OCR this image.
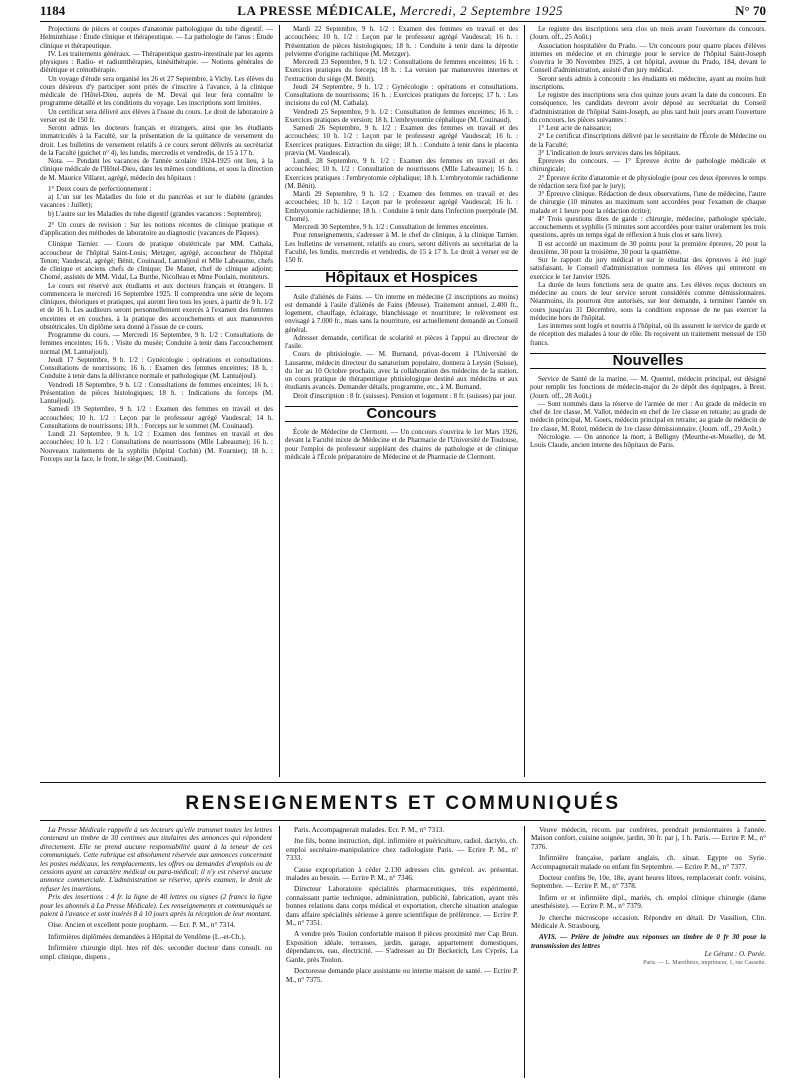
1184	LA PRESSE MÉDICALE, Mercredi, 2 Septembre 1925	N° 70

Projections de pièces et coupes d'anatomie pathologique du tube digestif. — Helminthiase : Étude clinique et thérapeutique. — La pathologie de l'anus : Étude clinique et thérapeutique.

IV. Les traitements généraux. — Thérapeutique gastro-intestinale par les agents physiques : Radio- et radiumthérapies, kinésithérapie. — Notions générales de diététique et crénothérapie.

Un voyage d'étude sera organisé les 26 et 27 Septembre, à Vichy. Les élèves du cours désireux d'y participer sont priés de s'inscrire à l'avance, à la clinique médicale de l'Hôtel-Dieu, auprès de M. Deval qui leur fera connaître le programme détaillé et les conditions du voyage. Les inscriptions sont limitées.

Un certificat sera délivré aux élèves à l'issue du cours. Le droit de laboratoire à verser est de 150 fr.

Seront admis les docteurs français et étrangers, ainsi que les étudiants immatriculés à la Faculté, sur la présentation de la quittance de versement du droit. Les bulletins de versement relatifs à ce cours seront délivrés au secrétariat de la Faculté (guichet n° 4), les lundis, mercredis et vendredis, de 15 à 17 h.

Nota. — Pendant les vacances de l'année scolaire 1924-1925 ont lieu, à la clinique médicale de l'Hôtel-Dieu, dans les mêmes conditions, et sous la direction de M. Maurice Villaret, agrégé, médecin des hôpitaux :

1° Deux cours de perfectionnement :

a) L'un sur les Maladies du foie et du pancréas et sur le diabète (grandes vacances : Juillet);

b) L'autre sur les Maladies du tube digestif (grandes vacances : Septembre);

2° Un cours de revision : Sur les notions récentes de clinique pratique et d'application des méthodes de laboratoire au diagnostic (vacances de Pâques).

Clinique Tarnier. — Cours de pratique obstétricale par MM. Cathala, accoucheur de l'hôpital Saint-Louis; Metzger, agrégé, accoucheur de l'hôpital Tenon; Vaudescal, agrégé; Bénit, Couinaud, Lantuéjoul et Mlle Labeaume, chefs de clinique et anciens chefs de clinique; De Manet, chef de clinique adjoint; Chomé, assistés de MM. Vidal, La Burthe, Nicolleau et Mme Poulain, moniteurs.

Le cours est réservé aux étudiants et aux docteurs français et étrangers. Il commencera le mercredi 16 Septembre 1925. Il comprendra une série de leçons cliniques, théoriques et pratiques, qui auront lieu tous les jours, à partir de 9 h. 1/2 et de 16 h. Les auditeurs seront personnellement exercés à l'examen des femmes enceintes et en couches, à la pratique des accouchements et aux manœuvres obstétricales. Un diplôme sera donné à l'issue de ce cours.

Programme du cours. — Mercredi 16 Septembre, 9 h. 1/2 : Consultations de femmes enceintes; 16 h. : Visite du musée; Conduite à tenir dans l'accouchement normal (M. Lantuéjoul).

Jeudi 17 Septembre, 9 h. 1/2 : Gynécologie : opérations et consultations. Consultations de nourrissons; 16 h. : Examen des femmes enceintes; 18 h. : Conduite à tenir dans la délivrance normale et pathologique (M. Lantuéjoul).

Vendredi 18 Septembre, 9 h. 1/2 : Consultations de femmes enceintes; 16 h. : Présentation de pièces histologiques; 18 h. : Indications du forceps (M. Lantuéjoul).

Samedi 19 Septembre, 9 h. 1/2 : Examen des femmes en travail et des accouchées; 10 h. 1/2 : Leçon par le professeur agrégé Vaudescal; 14 h. Consultations de nourrissons; 18 h. : Forceps sur le sommet (M. Couinaud).

Lundi 21 Septembre, 9 h. 1/2 : Examen des femmes en travail et des accouchées; 10 h. 1/2 : Consultations de nourrissons (Mlle Labeaume); 16 h. : Nouveaux traitements de la syphilis (hôpital Cochin) (M. Fournier); 18 h. : Forceps sur la face, le front, le siège (M. Couinaud).

Mardi 22 Septembre, 9 h. 1/2 : Examen des femmes en travail et des accouchées; 10 h. 1/2 : Leçon par le professeur agrégé Vaudescal; 16 h. : Présentation de pièces histologiques; 18 h. : Conduite à tenir dans la déprotie pelvienne d'origine rachitique (M. Metzger).

Mercredi 23 Septembre, 9 h. 1/2 : Consultations de femmes enceintes; 16 h. : Exercices pratiques du forceps; 18 h. : La version par manœuvres internes et l'extraction du siège (M. Bénit).

Jeudi 24 Septembre, 9 h. 1/2 : Gynécologie : opérations et consultations. Consultations de nourrissons; 16 h. : Exercices pratiques du forceps; 17 h. : Les incisions du col (M. Cathala).

Vendredi 25 Septembre, 9 h. 1/2 : Consultation de femmes enceintes; 16 h. : Exercices pratiques de version; 18 h. L'embryotomie céphalique (M. Couinaud).

Samedi 26 Septembre, 9 h. 1/2 : Examen des femmes en travail et des accouchées; 10 h. 1/2 : Leçon par le professeur agrégé Vaudescal; 16 h. : Exercices pratiques. Extraction du siège; 18 h. : Conduite à tenir dans le placenta prævia (M. Vaudescal).

Lundi, 28 Septembre, 9 h. 1/2 : Examen des femmes en travail et des accouchées; 10 h. 1/2 : Consultation de nourrissons (Mlle Labeaume); 16 h. : Exercices pratiques : l'embryotomie céphalique; 18 h. L'embryotomie rachidienne (M. Bénit).

Mardi 29 Septembre, 9 h. 1/2 : Examen des femmes en travail et des accouchées; 10 h. 1/2 : Leçon par le professeur agrégé Vaudescal; 16 h. : Embryotomie rachidienne; 18 h. : Conduite à tenir dans l'infection puerpérale (M. Chomé).

Mercredi 30 Septembre, 9 h. 1/2 : Consultation de femmes enceintes.

Pour renseignements, s'adresser à M. le chef de clinique, à la clinique Tarnier. Les bulletins de versement, relatifs au cours, seront délivrés au secrétariat de la Faculté, les lundis, mercredis et vendredis, de 15 à 17 h. Le droit à verser est de 150 fr.

Hôpitaux et Hospices

Asile d'aliénés de Fains. — Un interne en médecine (2 inscriptions au moins) est demandé à l'asile d'aliénés de Fains (Meuse). Traitement annuel, 2.400 fr., logement, chauffage, éclairage, blanchissage et nourriture; le relèvement est envisagé à 7.000 fr., mais sans la nourriture, est actuellement demandé au Conseil général.

Adresser demande, certificat de scolarité et pièces à l'appui au directeur de l'asile.

Cours de phtisiologie. — M. Burnand, privat-docent à l'Université de Lausanne, médecin directeur du sanatorium populaire, donnera à Leysin (Suisse), du 1er au 10 Octobre prochain, avec la collaboration des médecins de la station, un cours pratique de thérapeutique phtisiologique destiné aux médecins et aux étudiants avancés. Demander détails, programme, etc., à M. Burnand.

Droit d'inscription : 8 fr. (suisses). Pension et logement : 8 fr. (suisses) par jour.

Concours

École de Médecine de Clermont. — Un concours s'ouvrira le 1er Mars 1926, devant la Faculté mixte de Médecine et de Pharmacie de l'Université de Toulouse, pour l'emploi de professeur suppléant des chaires de pathologie et de clinique médicale à l'École préparatoire de Médecine et de Pharmacie de Clermont.

Le registre des inscriptions sera clos un mois avant l'ouverture du concours. (Journ. off., 25 Août.)

Association hospitalière du Prado. — Un concours pour quatre places d'élèves internes en médecine et en chirurgie pour le service de l'hôpital Saint-Joseph s'ouvrira le 30 Novembre 1925, à cet hôpital, avenue du Prado, 184, devant le Conseil d'administration, assisté d'un jury médical.

Seront seuls admis à concourir : les étudiants en médecine, ayant au moins huit inscriptions.

Le registre des inscriptions sera clos quinze jours avant la date du concours. En conséquence, les candidats devront avoir déposé au secrétariat du Conseil d'administration de l'hôpital Saint-Joseph, au plus tard huit jours avant l'ouverture du concours, les pièces suivantes :

1° Leur acte de naissance;

2° Le certificat d'inscriptions délivré par le secrétaire de l'École de Médecine ou de la Faculté;

3° L'indication de leurs services dans les hôpitaux.

Épreuves du concours. — 1° Épreuve écrite de pathologie médicale et chirurgicale;

2° Épreuve écrite d'anatomie et de physiologie (pour ces deux épreuves le temps de rédaction sera fixé par le jury);

3° Épreuve clinique. Rédaction de deux observations, l'une de médecine, l'autre de chirurgie (10 minutes au maximum sont accordées pour l'examen de chaque malade et 1 heure pour la rédaction écrite);

4° Trois questions dites de garde : chirurgie, médecine, pathologie spéciale, accouchements et syphilis (5 minutes sont accordées pour traiter oralement les trois questions, après un temps égal de réflexion à huis clos et sans livre).

Il est accordé un maximum de 30 points pour la première épreuve, 20 pour la deuxième, 30 pour la troisième, 30 pour la quatrième.

Sur le rapport du jury médical et sur le résultat des épreuves à été jugé satisfaisant, le Conseil d'administration nommera les élèves qui entreront en exercice le 1er Janvier 1926.

La durée de leurs fonctions sera de quatre ans. Les élèves reçus docteurs en médecine au cours de leur service seront considérés comme démissionnaires. Néanmoins, ils pourront être autorisés, sur leur demande, à terminer l'année en cours jusqu'au 31 Décembre, sous la condition expresse de ne pas exercer la médecine hors de l'hôpital.

Les internes sont logés et nourris à l'hôpital, où ils assurent le service de garde et de réception des malades à tour de rôle. Ils reçoivent un traitement mensuel de 150 francs.

Nouvelles

Service de Santé de la marine. — M. Quentel, médecin principal, est désigné pour remplir les fonctions de médecin-major du 2e dépôt des équipages, à Brest. (Journ. off., 28 Août.)

— Sont nommés dans la réserve de l'armée de mer : Au grade de médecin en chef de 1re classe, M. Vallot, médecin en chef de 1re classe en retraite; au grade de médecin principal, M. Goers, médecin principal en retraite; au grade de médecin de 1re classe, M. Rotel, médecin de 1re classe démissionnaire. (Journ. off., 29 Août.)

Nécrologie. — On annonce la mort, à Belligny (Meurthe-et-Moselle), de M. Louis Claude, ancien interne des hôpitaux de Paris.

RENSEIGNEMENTS ET COMMUNIQUÉS

La Presse Médicale rappelle à ses lecteurs qu'elle transmet toutes les lettres contenant un timbre de 30 centimes aux titulaires des annonces qui répondent directement. Elle ne prend aucune responsabilité quant à la teneur de ces communiqués. Cette rubrique est absolument réservée aux annonces concernant les postes médicaux, les remplacements, les offres ou demandes d'emplois ou de cessions ayant un caractère médical ou para-médical; il n'y est réservé aucune annonce commerciale. L'administration se réserve, après examen, le droit de refuser les insertions.

Prix des insertions : 4 fr. la ligne de 40 lettres ou signes (2 francs la ligne pour les abonnés à La Presse Médicale). Les renseignements et communiqués se paient à l'avance et sont insérés 8 à 10 jours après la réception de leur montant.

Oise. Ancien et excellent poste propharm. — Ecr. P. M., n° 7314.

Infirmières diplômées demandées à Hôpital de Vendôme (L.-et-Ch.).

Infirmière chirurgie dipl. htes réf dés. seconder docteur dans consult. ou empl. clinique, dispens ,

Paris. Accompagnerait malades. Ecr. P. M., n° 7313.

Jne fils, bonne instruction, dipl. infirmière et puériculture, radiol. dactylo, ch. emploi secrétaire-manipulatrice chez radiologiste Paris. — Ecrire P. M., n° 7333.

Cause expropriation à céder 2.130 adresses clin. gynécol. av. présentat. malades au besoin. — Ecrire P. M., n° 7346.

Directeur Laboratoire spécialités pharmaceutiques, très expérimenté, connaissant partie technique, administration, publicité, fabrication, ayant très bonnes relations dans corps médical et exportation, cherche situation analogue dans affaire spécialités sérieuse à genre scientifique de préférence. — Ecrire P. M., n° 7351.

A vendre près Toulon confortable maison 8 pièces proximité mer Cap Brun. Exposition idéale, terrasses, jardin, garage, appartement domestiques, dépendances, eau, électricité. — S'adresser au Dr Beckerich, Les Cyprès, La Garde, près Toulon.

Doctoresse demande place assistante ou interne maison de santé. — Ecrire P. M., n° 7375.

Veuve médecin, recom. par confrères, prendrait pensionnaires à l'année. Maison confort, cuisine soignée, jardin, 30 fr. par j, 1 h. Paris. — Ecrire P. M., n° 7376.

Infirmière française, parlant anglais, ch. situat. Egypte ou Syrie. Accompagnerait malade ou enfant fin Septembre. — Ecrire P. M., n° 7377.

Docteur confins 9e, 10e, 18e, ayant heures libres, remplacerait confr. voisins, Septembre. — Ecrire P. M., n° 7378.

Infirm er et infirmière dipl., mariés, ch. emploi clinique chirurgie (dame anesthésiste). — Ecrire P. M., n° 7379.

Je cherche microscope occasion. Répondre en détail. Dr Vassilion, Clin. Médicale A. Strasbourg.

AVIS. — Prière de joindre aux réponses un timbre de 0 fr 30 pour la transmission des lettres

Le Gérant : O. Porée.

Paris. — L. Maretheux, imprimeur, 1, rue Cassette.
